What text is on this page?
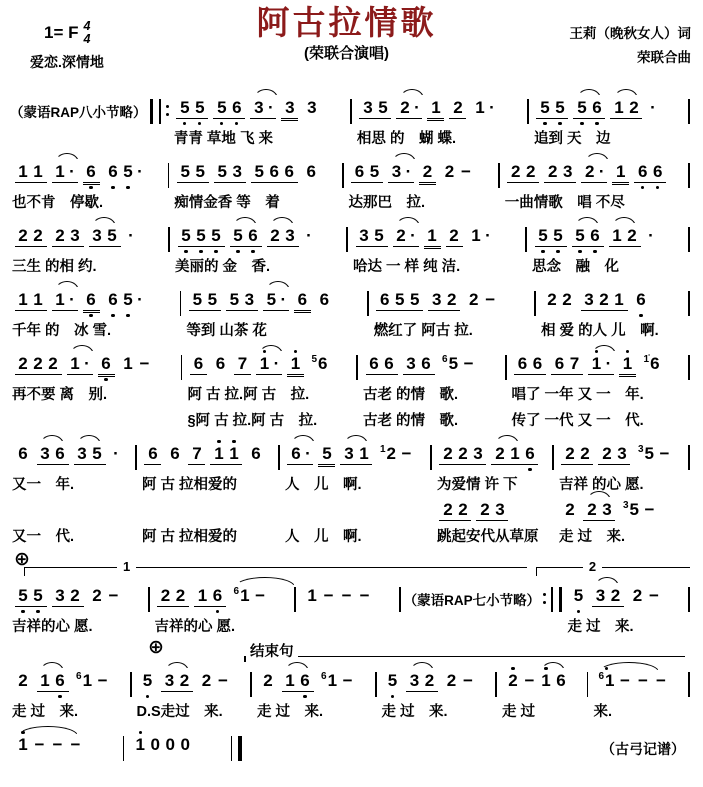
1= F 4
4
爱恋.深情地
阿古拉情歌
(荣联合演唱)
王莉（晚秋女人）词
荣联合曲
（蒙语RAP八小节略） 5 5 5 6 3 · 3 3
青青 草地 飞 来
3 5 2 · 1 2 1 ·
相思 的　蝴 蝶.
5 5 5 6 1 2 ·
追到 天　边
1 1 1 · 6 6 5 ·
也不肯　停歇.
5 5 5 3 5 6 6 6
痴情金香 等　着
6 5 3 · 2 2 −
达那巴　拉.
2 2 2 3 2 · 1 6 6
一曲情歌　唱 不尽
2 2 2 3 3 5 ·
三生 的相 约.
5 5 5 5 6 2 3 ·
美丽的 金　香.
3 5 2 · 1 2 1 ·
哈达 一 样 纯 洁.
5 5 5 6 1 2 ·
思念　融　化
1 1 1 · 6 6 5 ·
千年 的　冰 雪.
5 5 5 3 5 · 6 6
等到 山茶 花
6 5 5 3 2 2 −
燃红了 阿古 拉.
2 2 3 2 1 6
相 爱 的人 儿　啊.
2 2 2 1 · 6 1 −
再不要 离　别.
6 6 7 1 · 1 $^5$6
阿 古 拉.阿 古　拉.
§阿 古 拉.阿 古　拉.
6 6 3 6 $^6$5 −
古老 的情　歌.
古老 的情　歌.
6 6 6 7 1 · 1 $^{1̇}$6
唱了 一年 又 一　年.
传了 一代 又 一　代.
6 3 6 3 5 ·
又一　年.
又一　代.
6 6 7 1 1 6
阿 古 拉相爱的
阿 古 拉相爱的
6 · 5 3 1 $^1$2 −
人　儿　啊.
人　儿　啊.
2 2 3 2 1 6
为爱情 许 下
2 2 2 3
跳起安代从草原
2 2 2 3 $^3$5 −
吉祥 的心 愿.
2 2 3 $^3$5 −
走 过　来.
⊕	1	2
5 5 3 2 2 −
吉祥的心 愿.
2 2 1 6 $^6$1 −
吉祥的心 愿.
1 − − −	（蒙语RAP七小节略） 5 3 2 2 −
走 过　来.
⊕	结束句
2 1 6 $^6$1 −
走 过　来.
5 3 2 2 −
D.S走过　来.
2 1 6 $^6$1 −
走 过　来.
5 3 2 2 −
走 过　来.
2 − 1 6
走 过
$^6$1 − − −
来.
1 − − −	1 0 0 0	（古弓记谱）
